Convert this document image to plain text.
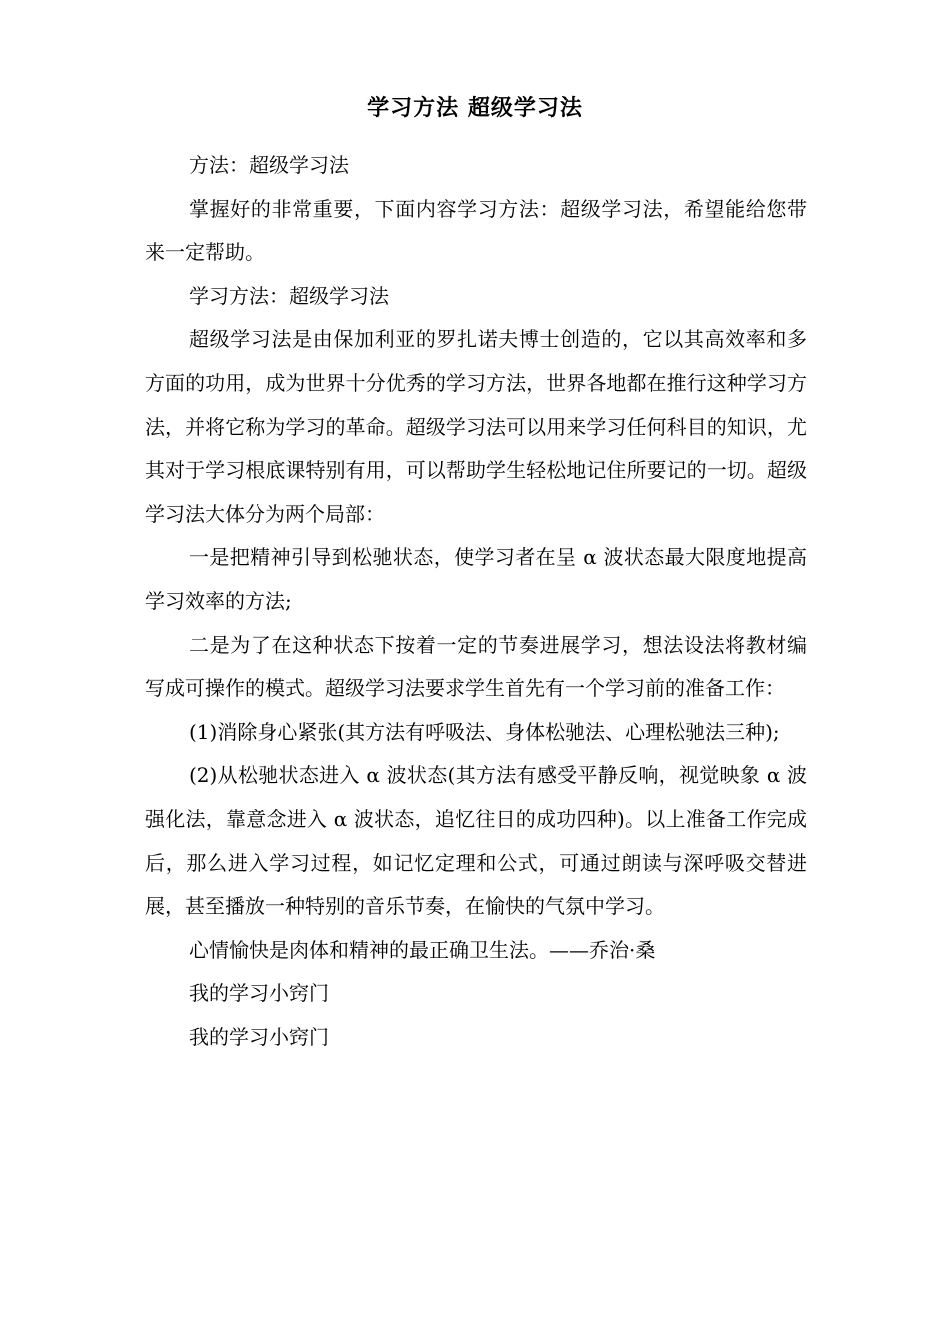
学习方法 超级学习法

方法：超级学习法

掌握好的非常重要，下面内容学习方法：超级学习法，希望能给您带来一定帮助。

学习方法：超级学习法

超级学习法是由保加利亚的罗扎诺夫博士创造的，它以其高效率和多方面的功用，成为世界十分优秀的学习方法，世界各地都在推行这种学习方法，并将它称为学习的革命。超级学习法可以用来学习任何科目的知识，尤其对于学习根底课特别有用，可以帮助学生轻松地记住所要记的一切。超级学习法大体分为两个局部：

一是把精神引导到松驰状态，使学习者在呈 α 波状态最大限度地提高学习效率的方法;

二是为了在这种状态下按着一定的节奏进展学习，想法设法将教材编写成可操作的模式。超级学习法要求学生首先有一个学习前的准备工作：

(1)消除身心紧张(其方法有呼吸法、身体松驰法、心理松驰法三种);

(2)从松驰状态进入 α 波状态(其方法有感受平静反响，视觉映象 α 波强化法，靠意念进入 α 波状态，追忆往日的成功四种)。以上准备工作完成后，那么进入学习过程，如记忆定理和公式，可通过朗读与深呼吸交替进展，甚至播放一种特别的音乐节奏，在愉快的气氛中学习。

心情愉快是肉体和精神的最正确卫生法。——乔治·桑

我的学习小窍门

我的学习小窍门
